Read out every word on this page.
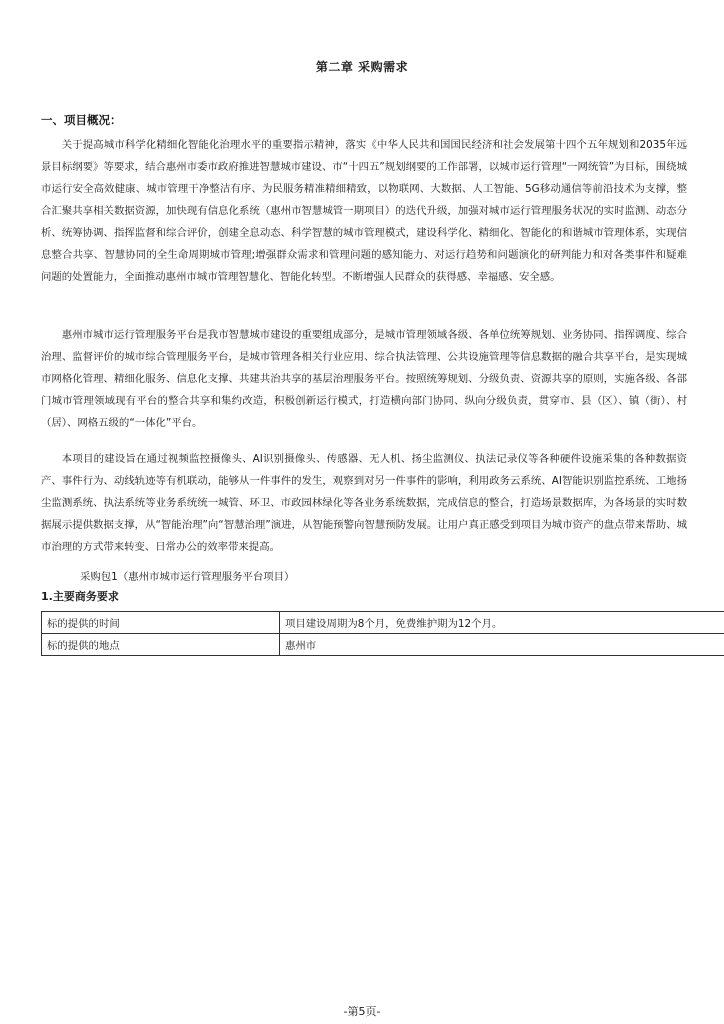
第二章 采购需求
一、项目概况：

关于提高城市科学化精细化智能化治理水平的重要指示精神，落实《中华人民共和国国民经济和社会发展第十四个五年规划和2035年远景目标纲要》等要求，结合惠州市委市政府推进智慧城市建设、市“十四五”规划纲要的工作部署，以城市运行管理“一网统管”为目标，围绕城市运行安全高效健康、城市管理干净整洁有序、为民服务精准精细精致，以物联网、大数据、人工智能、5G移动通信等前沿技术为支撑，整合汇聚共享相关数据资源，加快现有信息化系统（惠州市智慧城管一期项目）的迭代升级，加强对城市运行管理服务状况的实时监测、动态分析、统筹协调、指挥监督和综合评价，创建全息动态、科学智慧的城市管理模式，建设科学化、精细化、智能化的和谐城市管理体系，实现信息整合共享、智慧协同的全生命周期城市管理;增强群众需求和管理问题的感知能力、对运行趋势和问题演化的研判能力和对各类事件和疑难问题的处置能力，全面推动惠州市城市管理智慧化、智能化转型。不断增强人民群众的获得感、幸福感、安全感。

惠州市城市运行管理服务平台是我市智慧城市建设的重要组成部分，是城市管理领域各级、各单位统筹规划、业务协同、指挥调度、综合治理、监督评价的城市综合管理服务平台，是城市管理各相关行业应用、综合执法管理、公共设施管理等信息数据的融合共享平台，是实现城市网格化管理、精细化服务、信息化支撑、共建共治共享的基层治理服务平台。按照统筹规划、分级负责、资源共享的原则，实施各级、各部门城市管理领域现有平台的整合共享和集约改造，积极创新运行模式，打造横向部门协同、纵向分级负责，贯穿市、县（区）、镇（街）、村（居）、网格五级的“一体化”平台。

本项目的建设旨在通过视频监控摄像头、AI识别摄像头、传感器、无人机、扬尘监测仪、执法记录仪等各种硬件设施采集的各种数据资产、事件行为、动线轨迹等有机联动，能够从一件事件的发生，观察到对另一件事件的影响，利用政务云系统、AI智能识别监控系统、工地扬尘监测系统、执法系统等业务系统统一城管、环卫、市政园林绿化等各业务系统数据，完成信息的整合，打造场景数据库，为各场景的实时数据展示提供数据支撑，从“智能治理”向“智慧治理”演进，从智能预警向智慧预防发展。让用户真正感受到项目为城市资产的盘点带来帮助、城市治理的方式带来转变、日常办公的效率带来提高。

采购包1（惠州市城市运行管理服务平台项目）
1.主要商务要求
标的提供的时间	项目建设周期为8个月，免费维护期为12个月。
标的提供的地点	惠州市
-第5页-
